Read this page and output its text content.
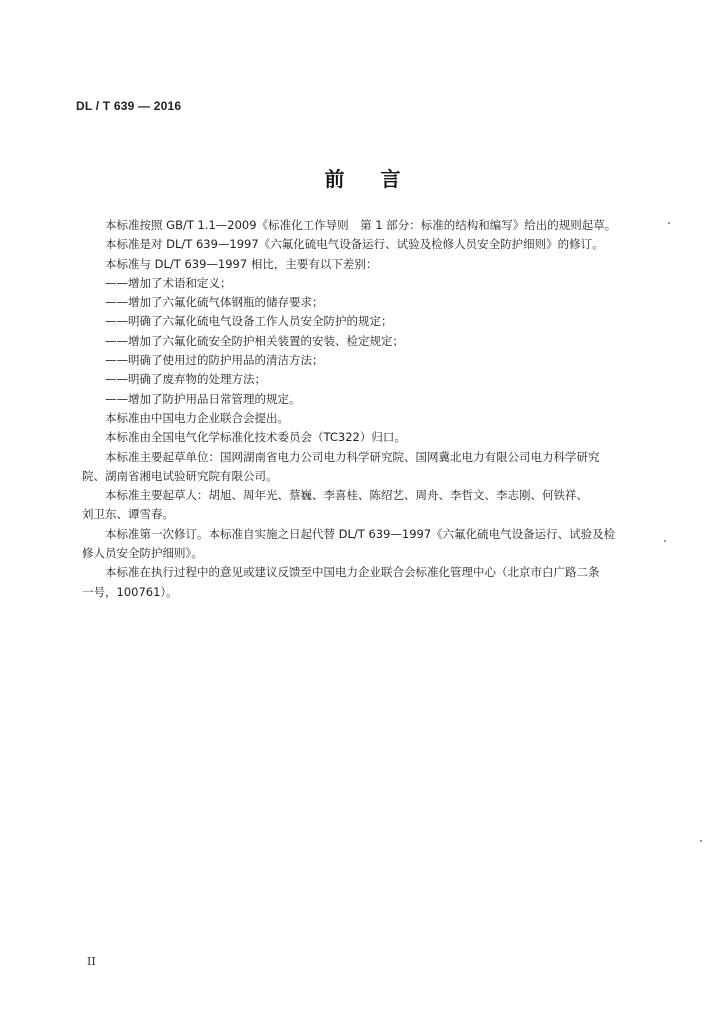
DL / T 639 — 2016
前言

本标准按照 GB/T 1.1—2009《标准化工作导则　第 1 部分：标准的结构和编写》给出的规则起草。

本标准是对 DL/T 639—1997《六氟化硫电气设备运行、试验及检修人员安全防护细则》的修订。

本标准与 DL/T 639—1997 相比，主要有以下差别：

——增加了术语和定义；

——增加了六氟化硫气体钢瓶的储存要求；

——明确了六氟化硫电气设备工作人员安全防护的规定；

——增加了六氟化硫安全防护相关装置的安装、检定规定；

——明确了使用过的防护用品的清洁方法；

——明确了废弃物的处理方法；

——增加了防护用品日常管理的规定。

本标准由中国电力企业联合会提出。

本标准由全国电气化学标准化技术委员会（TC322）归口。

本标准主要起草单位：国网湖南省电力公司电力科学研究院、国网冀北电力有限公司电力科学研究
院、湖南省湘电试验研究院有限公司。

本标准主要起草人：胡旭、周年光、蔡巍、李喜桂、陈绍艺、周舟、李哲文、李志刚、何铁祥、
刘卫东、谭雪春。

本标准第一次修订。本标准自实施之日起代替 DL/T 639—1997《六氟化硫电气设备运行、试验及检
修人员安全防护细则》。

本标准在执行过程中的意见或建议反馈至中国电力企业联合会标准化管理中心（北京市白广路二条
一号，100761）。

II
